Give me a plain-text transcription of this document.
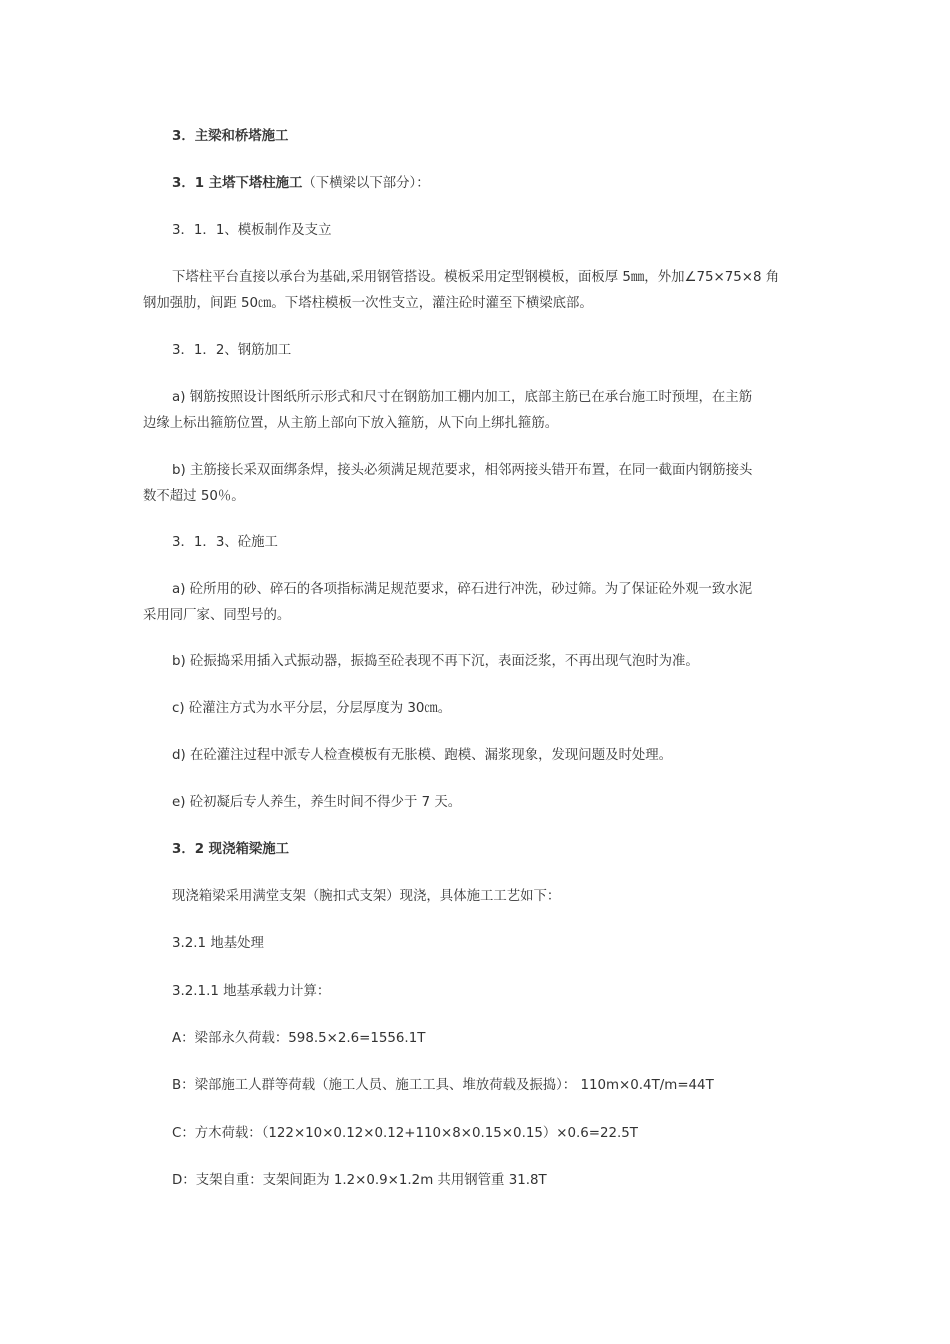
3．主梁和桥塔施工
3．1 主塔下塔柱施工（下横梁以下部分）：
3．1．1、模板制作及支立
下塔柱平台直接以承台为基础,采用钢管搭设。模板采用定型钢模板，面板厚 5㎜，外加∠75×75×8 角
钢加强肋，间距 50㎝。下塔柱模板一次性支立，灌注砼时灌至下横梁底部。
3．1．2、钢筋加工
a) 钢筋按照设计图纸所示形式和尺寸在钢筋加工棚内加工，底部主筋已在承台施工时预埋，在主筋
边缘上标出箍筋位置，从主筋上部向下放入箍筋，从下向上绑扎箍筋。
b) 主筋接长采双面绑条焊，接头必须满足规范要求，相邻两接头错开布置，在同一截面内钢筋接头
数不超过 50％。
3．1．3、砼施工
a) 砼所用的砂、碎石的各项指标满足规范要求，碎石进行冲洗，砂过筛。为了保证砼外观一致水泥
采用同厂家、同型号的。
b) 砼振捣采用插入式振动器，振捣至砼表现不再下沉，表面泛浆，不再出现气泡时为准。
c) 砼灌注方式为水平分层，分层厚度为 30㎝。
d) 在砼灌注过程中派专人检查模板有无胀模、跑模、漏浆现象，发现问题及时处理。
e) 砼初凝后专人养生，养生时间不得少于 7 天。
3．2 现浇箱梁施工
现浇箱梁采用满堂支架（腕扣式支架）现浇，具体施工工艺如下：
3.2.1 地基处理
3.2.1.1 地基承载力计算：
A：梁部永久荷载：598.5×2.6=1556.1T
B：梁部施工人群等荷载（施工人员、施工工具、堆放荷载及振捣）： 110m×0.4T/m=44T
C：方木荷载：（122×10×0.12×0.12+110×8×0.15×0.15）×0.6=22.5T
D：支架自重：支架间距为 1.2×0.9×1.2m 共用钢管重 31.8T
